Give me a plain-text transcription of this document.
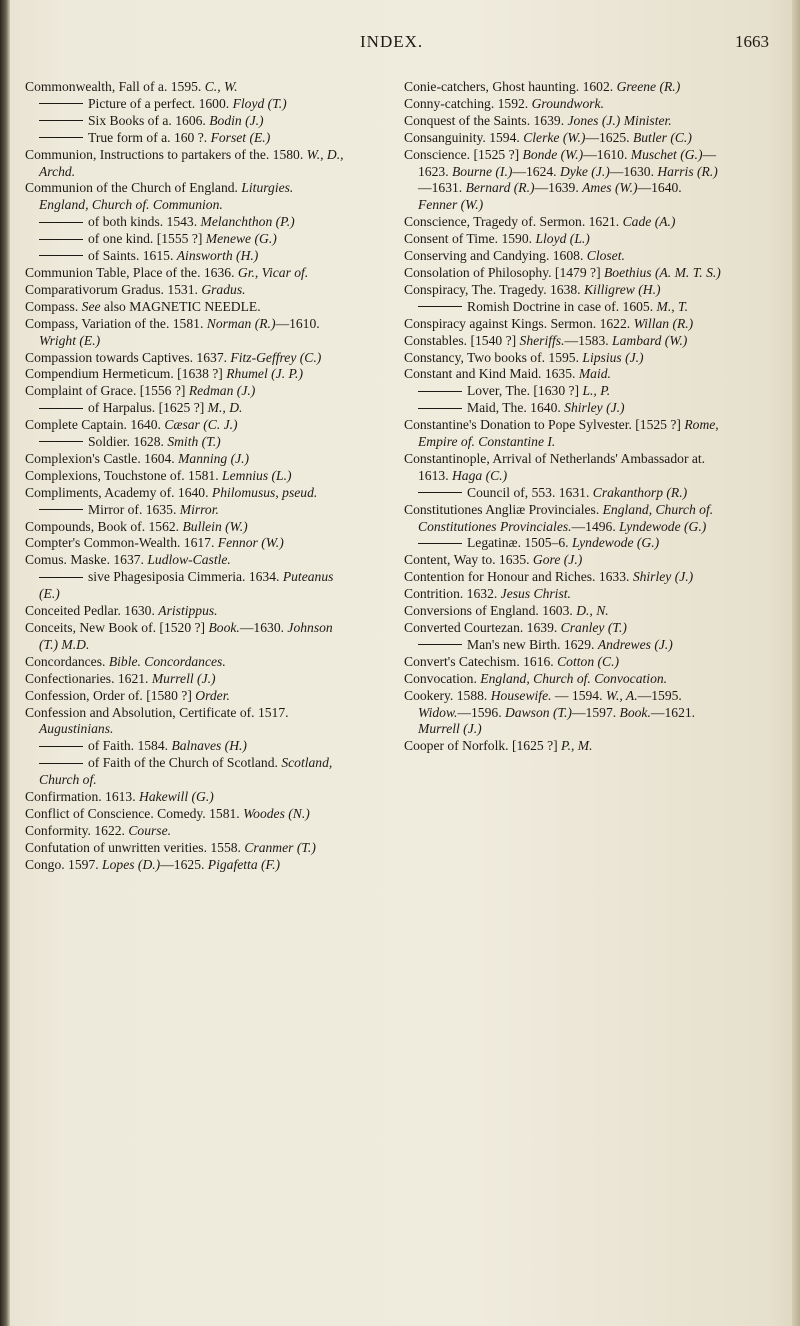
INDEX.	1663

Commonwealth, Fall of a. 1595. C., W.

Picture of a perfect. 1600. Floyd (T.)

Six Books of a. 1606. Bodin (J.)

True form of a. 160 ?. Forset (E.)

Communion, Instructions to partakers of the. 1580. W., D., Archd.

Communion of the Church of England. Liturgies. England, Church of. Communion.

of both kinds. 1543. Melanchthon (P.)

of one kind. [1555 ?] Menewe (G.)

of Saints. 1615. Ainsworth (H.)

Communion Table, Place of the. 1636. Gr., Vicar of.

Comparativorum Gradus. 1531. Gradus.

Compass. See also MAGNETIC NEEDLE.

Compass, Variation of the. 1581. Norman (R.)—1610. Wright (E.)

Compassion towards Captives. 1637. Fitz-Geffrey (C.)

Compendium Hermeticum. [1638 ?] Rhumel (J. P.)

Complaint of Grace. [1556 ?] Redman (J.)

of Harpalus. [1625 ?] M., D.

Complete Captain. 1640. Cæsar (C. J.)

Soldier. 1628. Smith (T.)

Complexion's Castle. 1604. Manning (J.)

Complexions, Touchstone of. 1581. Lemnius (L.)

Compliments, Academy of. 1640. Philomusus, pseud.

Mirror of. 1635. Mirror.

Compounds, Book of. 1562. Bullein (W.)

Compter's Common-Wealth. 1617. Fennor (W.)

Comus. Maske. 1637. Ludlow-Castle.

sive Phagesiposia Cimmeria. 1634. Puteanus (E.)

Conceited Pedlar. 1630. Aristippus.

Conceits, New Book of. [1520 ?] Book.—1630. Johnson (T.) M.D.

Concordances. Bible. Concordances.

Confectionaries. 1621. Murrell (J.)

Confession, Order of. [1580 ?] Order.

Confession and Absolution, Certificate of. 1517. Augustinians.

of Faith. 1584. Balnaves (H.)

of Faith of the Church of Scotland. Scotland, Church of.

Confirmation. 1613. Hakewill (G.)

Conflict of Conscience. Comedy. 1581. Woodes (N.)

Conformity. 1622. Course.

Confutation of unwritten verities. 1558. Cranmer (T.)

Congo. 1597. Lopes (D.)—1625. Pigafetta (F.)

Conie-catchers, Ghost haunting. 1602. Greene (R.)

Conny-catching. 1592. Groundwork.

Conquest of the Saints. 1639. Jones (J.) Minister.

Consanguinity. 1594. Clerke (W.)—1625. Butler (C.)

Conscience. [1525 ?] Bonde (W.)—1610. Muschet (G.)—1623. Bourne (I.)—1624. Dyke (J.)—1630. Harris (R.)—1631. Bernard (R.)—1639. Ames (W.)—1640. Fenner (W.)

Conscience, Tragedy of. Sermon. 1621. Cade (A.)

Consent of Time. 1590. Lloyd (L.)

Conserving and Candying. 1608. Closet.

Consolation of Philosophy. [1479 ?] Boethius (A. M. T. S.)

Conspiracy, The. Tragedy. 1638. Killigrew (H.)

Romish Doctrine in case of. 1605. M., T.

Conspiracy against Kings. Sermon. 1622. Willan (R.)

Constables. [1540 ?] Sheriffs.—1583. Lambard (W.)

Constancy, Two books of. 1595. Lipsius (J.)

Constant and Kind Maid. 1635. Maid.

Lover, The. [1630 ?] L., P.

Maid, The. 1640. Shirley (J.)

Constantine's Donation to Pope Sylvester. [1525 ?] Rome, Empire of. Constantine I.

Constantinople, Arrival of Netherlands' Ambassador at. 1613. Haga (C.)

Council of, 553. 1631. Crakanthorp (R.)

Constitutiones Angliæ Provinciales. England, Church of. Constitutiones Provinciales.—1496. Lyndewode (G.)

Legatinæ. 1505–6. Lyndewode (G.)

Content, Way to. 1635. Gore (J.)

Contention for Honour and Riches. 1633. Shirley (J.)

Contrition. 1632. Jesus Christ.

Conversions of England. 1603. D., N.

Converted Courtezan. 1639. Cranley (T.)

Man's new Birth. 1629. Andrewes (J.)

Convert's Catechism. 1616. Cotton (C.)

Convocation. England, Church of. Convocation.

Cookery. 1588. Housewife. — 1594. W., A.—1595. Widow.—1596. Dawson (T.)—1597. Book.—1621. Murrell (J.)

Cooper of Norfolk. [1625 ?] P., M.
